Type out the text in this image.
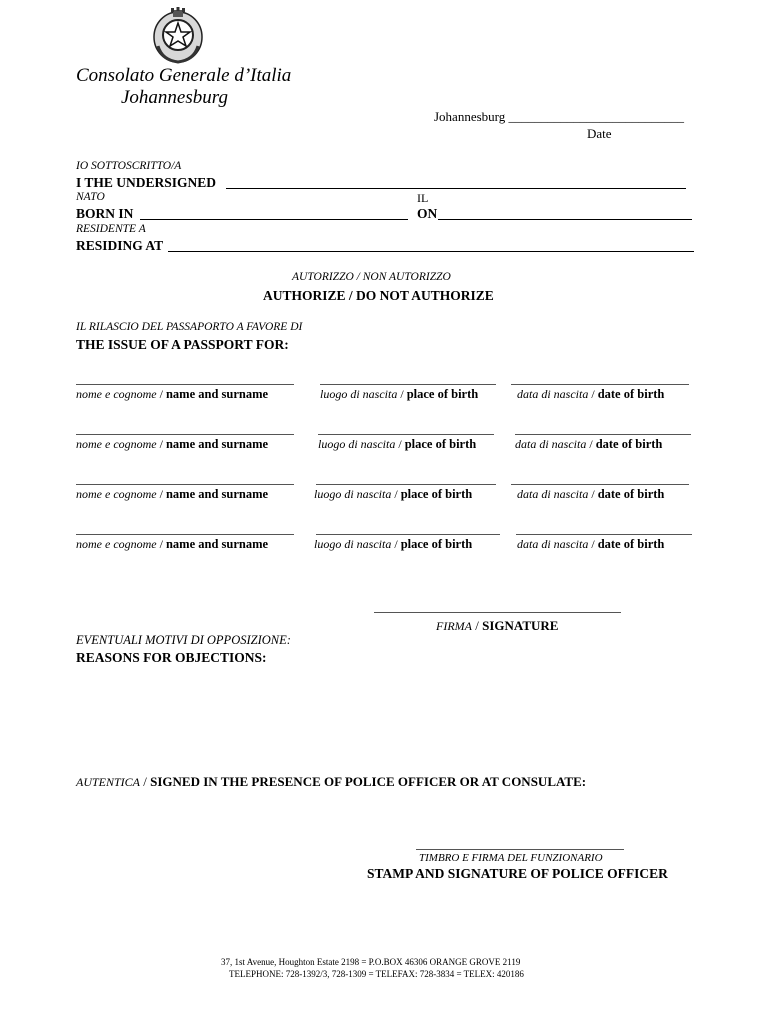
Consolato Generale d’Italia
Johannesburg
Johannesburg ___________________________
Date
IO SOTTOSCRITTO/A
I THE UNDERSIGNED
NATO	IL
BORN IN	ON
RESIDENTE A
RESIDING AT
AUTORIZZO / NON AUTORIZZO
AUTHORIZE / DO NOT AUTHORIZE
IL RILASCIO DEL PASSAPORTO A FAVORE DI
THE ISSUE OF A PASSPORT FOR:
nome e cognome / name and surname	luogo di nascita / place of birth	data di nascita / date of birth
nome e cognome / name and surname	luogo di nascita / place of birth	data di nascita / date of birth
nome e cognome / name and surname	luogo di nascita / place of birth	data di nascita / date of birth
nome e cognome / name and surname	luogo di nascita / place of birth	data di nascita / date of birth
FIRMA / SIGNATURE
EVENTUALI MOTIVI DI OPPOSIZIONE:
REASONS FOR OBJECTIONS:
AUTENTICA / SIGNED IN THE PRESENCE OF POLICE OFFICER OR AT CONSULATE:
TIMBRO E FIRMA DEL FUNZIONARIO
STAMP AND SIGNATURE OF POLICE OFFICER
37, 1st Avenue, Houghton Estate 2198 = P.O.BOX 46306 ORANGE GROVE 2119
TELEPHONE: 728-1392/3, 728-1309 = TELEFAX: 728-3834 = TELEX: 420186
